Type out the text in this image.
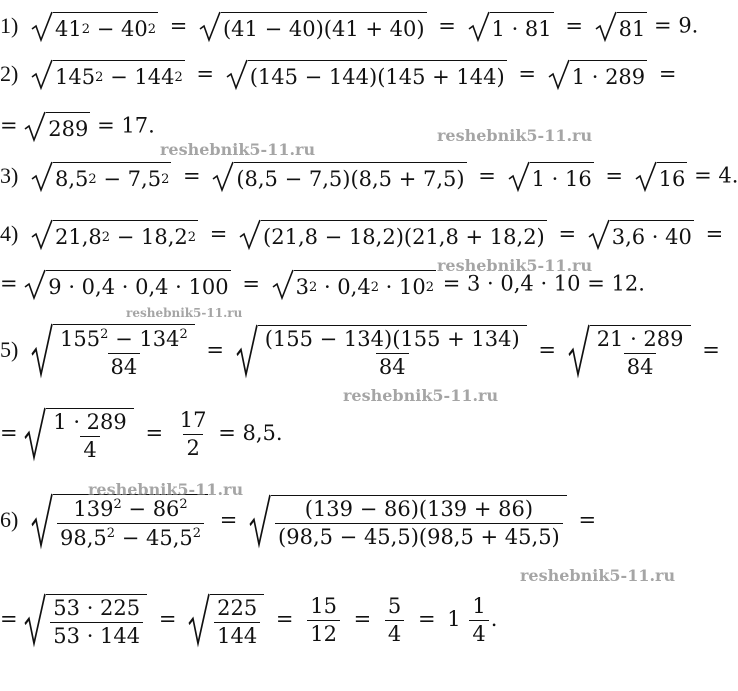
1) 41 2 − 40 2 = (41 − 40)(41 + 40) = 1 · 81 = 81 = 9.
2) 145 2 − 144 2 = (145 − 144)(145 + 144) = 1 · 289 =
= 289 = 17.
3) 8,5 2 − 7,5 2 = (8,5 − 7,5)(8,5 + 7,5) = 1 · 16 = 16 = 4.
4) 21,8 2 − 18,2 2 = (21,8 − 18,2)(21,8 + 18,2) = 3,6 · 40 =
= 9 · 0,4 · 0,4 · 100 = 3 2 · 0,4 2 · 10 2 = 3 · 0,4 · 10 = 12.
$5) \frac{155^2 - 134^2}{84} = \frac{(155 - 134)(155 + 134)}{84} = \frac{21 \cdot 289}{84}$ =
= $\frac{1 \cdot 289}{4} = \frac{17}{2} = 8,5$.
$6) \frac{139^2 - 86^2}{98,5^2 - 45,5^2} = \frac{(139 - 86)(139 + 86)}{(98,5 - 45,5)(98,5 + 45,5)}$ =
= $\frac{53 \cdot 225}{53 \cdot 144} = \frac{225}{144} = \frac{15}{12} = \frac{5}{4} = 1 \frac{1}{4}$ .
reshebnik5-11.ru
reshebnik5-11.ru
reshebnik5-11.ru
reshebnik5-11.ru
reshebnik5-11.ru
reshebnik5-11.ru
reshebnik5-11.ru
